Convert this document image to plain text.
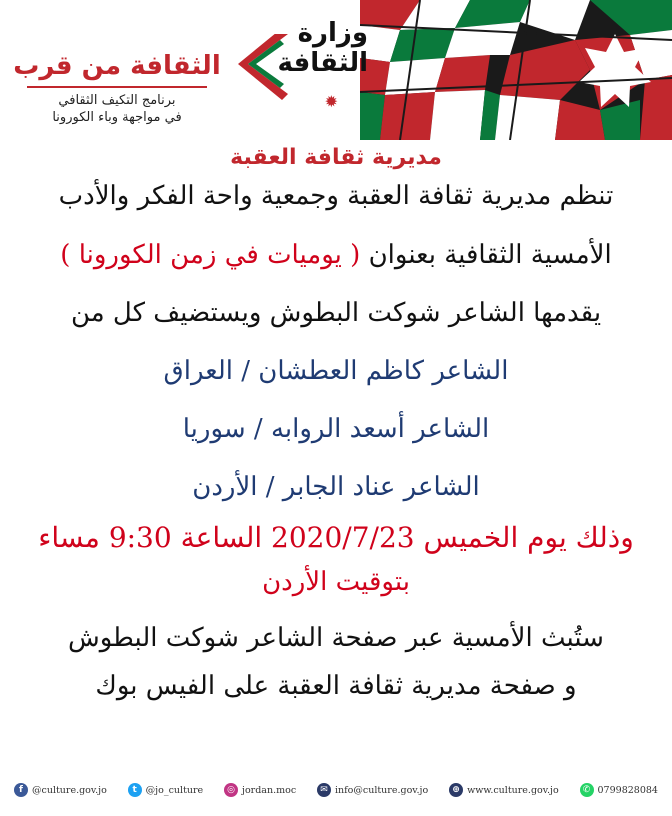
وزارة
الثقافة
✹
الثقافة من قرب
برنامج التكيف الثقافي
في مواجهة وباء الكورونا
مديرية ثقافة العقبة
تنظم مديرية ثقافة العقبة وجمعية واحة الفكر والأدب
الأمسية الثقافية بعنوان ( يوميات في زمن الكورونا )
يقدمها الشاعر شوكت البطوش ويستضيف كل من
الشاعر كاظم العطشان / العراق
الشاعر أسعد الروابه / سوريا
الشاعر عناد الجابر / الأردن
وذلك يوم الخميس 2020/7/23 الساعة 9:30 مساء
بتوقيت الأردن
ستُبث الأمسية عبر صفحة الشاعر شوكت البطوش
و صفحة مديرية ثقافة العقبة على الفيس بوك
f @culture.gov.jo	t @jo_culture	◎ jordan.moc	✉ info@culture.gov.jo	⊕ www.culture.gov.jo	✆ 0799828084
